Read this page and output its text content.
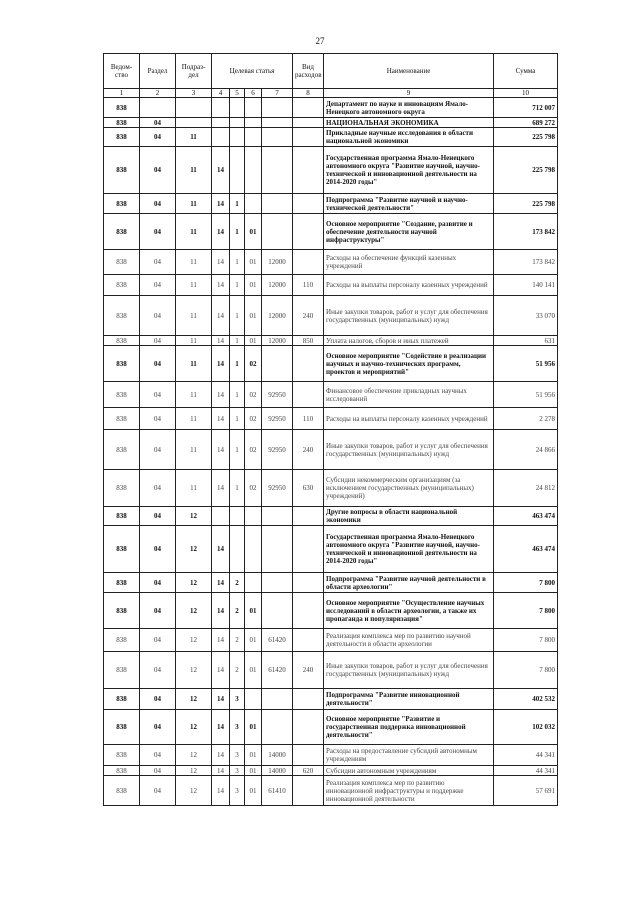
27
Ведом-ство	Раздел	Подраз-дел	Целевая статья				Вид расходов	Наименование	Сумма
1	2	3	4	5	6	7	8	9	10
838								Департамент по науке и инновациям Ямало-Ненецкого автономного округа	712 007
838	04							НАЦИОНАЛЬНАЯ ЭКОНОМИКА	689 272
838	04	11						Прикладные научные исследования в области национальной экономики	225 798
838	04	11	14					Государственная программа Ямало-Ненецкого автономного округа "Развитие научной, научно-технической и инновационной деятельности на 2014-2020 годы"	225 798
838	04	11	14	1				Подпрограмма "Развитие научной и научно-технической деятельности"	225 798
838	04	11	14	1	01			Основное мероприятие "Создание, развитие и обеспечение деятельности научной инфраструктуры"	173 842
838	04	11	14	1	01	12000		Расходы на обеспечение функций казенных учреждений	173 842
838	04	11	14	1	01	12000	110	Расходы на выплаты персоналу казенных учреждений	140 141
838	04	11	14	1	01	12000	240	Иные закупки товаров, работ и услуг для обеспечения государственных (муниципальных) нужд	33 070
838	04	11	14	1	01	12000	850	Уплата налогов, сборов и иных платежей	631
838	04	11	14	1	02			Основное мероприятие "Содействие в реализации научных и научно-технических программ, проектов и мероприятий"	51 956
838	04	11	14	1	02	92950		Финансовое обеспечение прикладных научных исследований	51 956
838	04	11	14	1	02	92950	110	Расходы на выплаты персоналу казенных учреждений	2 278
838	04	11	14	1	02	92950	240	Иные закупки товаров, работ и услуг для обеспечения государственных (муниципальных) нужд	24 866
838	04	11	14	1	02	92950	630	Субсидии некоммерческим организациям (за исключением государственных (муниципальных) учреждений)	24 812
838	04	12						Другие вопросы в области национальной экономики	463 474
838	04	12	14					Государственная программа Ямало-Ненецкого автономного округа "Развитие научной, научно-технической и инновационной деятельности на 2014-2020 годы"	463 474
838	04	12	14	2				Подпрограмма "Развитие научной деятельности в области археологии"	7 800
838	04	12	14	2	01			Основное мероприятие "Осуществление научных исследований в области археологии, а также их пропаганда и популяризация"	7 800
838	04	12	14	2	01	61420		Реализация комплекса мер по развитию научной деятельности в области археологии	7 800
838	04	12	14	2	01	61420	240	Иные закупки товаров, работ и услуг для обеспечения государственных (муниципальных) нужд	7 800
838	04	12	14	3				Подпрограмма "Развитие инновационной деятельности"	402 532
838	04	12	14	3	01			Основное мероприятие "Развитие и государственная поддержка инновационной деятельности"	102 032
838	04	12	14	3	01	14000		Расходы на предоставление субсидий автономным учреждениям	44 341
838	04	12	14	3	01	14000	620	Субсидии автономным учреждениям	44 341
838	04	12	14	3	01	61410		Реализация комплекса мер по развитию инновационной инфраструктуры и поддержке инновационной деятельности	57 691
